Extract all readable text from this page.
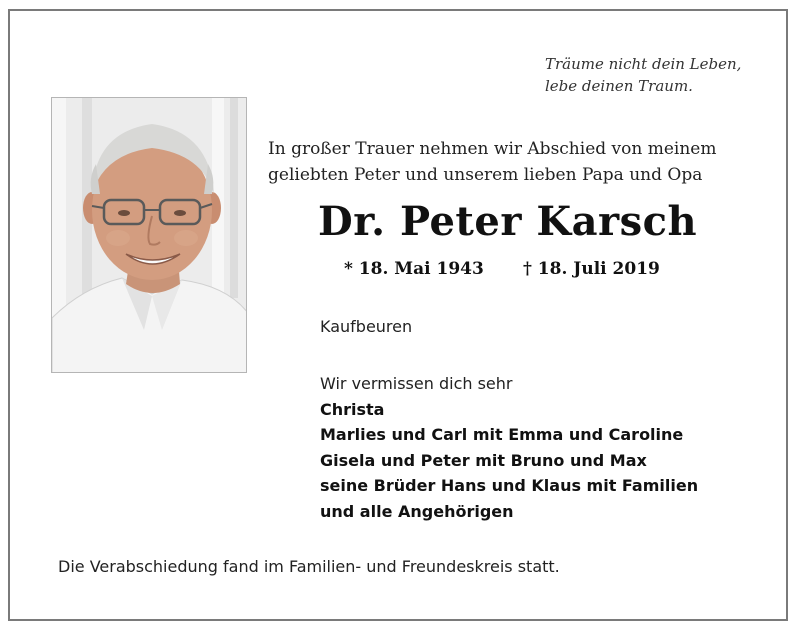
Träume nicht dein Leben,
lebe deinen Traum.
In großer Trauer nehmen wir Abschied von meinem
geliebten Peter und unserem lieben Papa und Opa
Dr. Peter Karsch
* 18. Mai 1943 † 18. Juli 2019
Kaufbeuren
Wir vermissen dich sehr
Christa
Marlies und Carl mit Emma und Caroline
Gisela und Peter mit Bruno und Max
seine Brüder Hans und Klaus mit Familien
und alle Angehörigen
Die Verabschiedung fand im Familien- und Freundeskreis statt.
